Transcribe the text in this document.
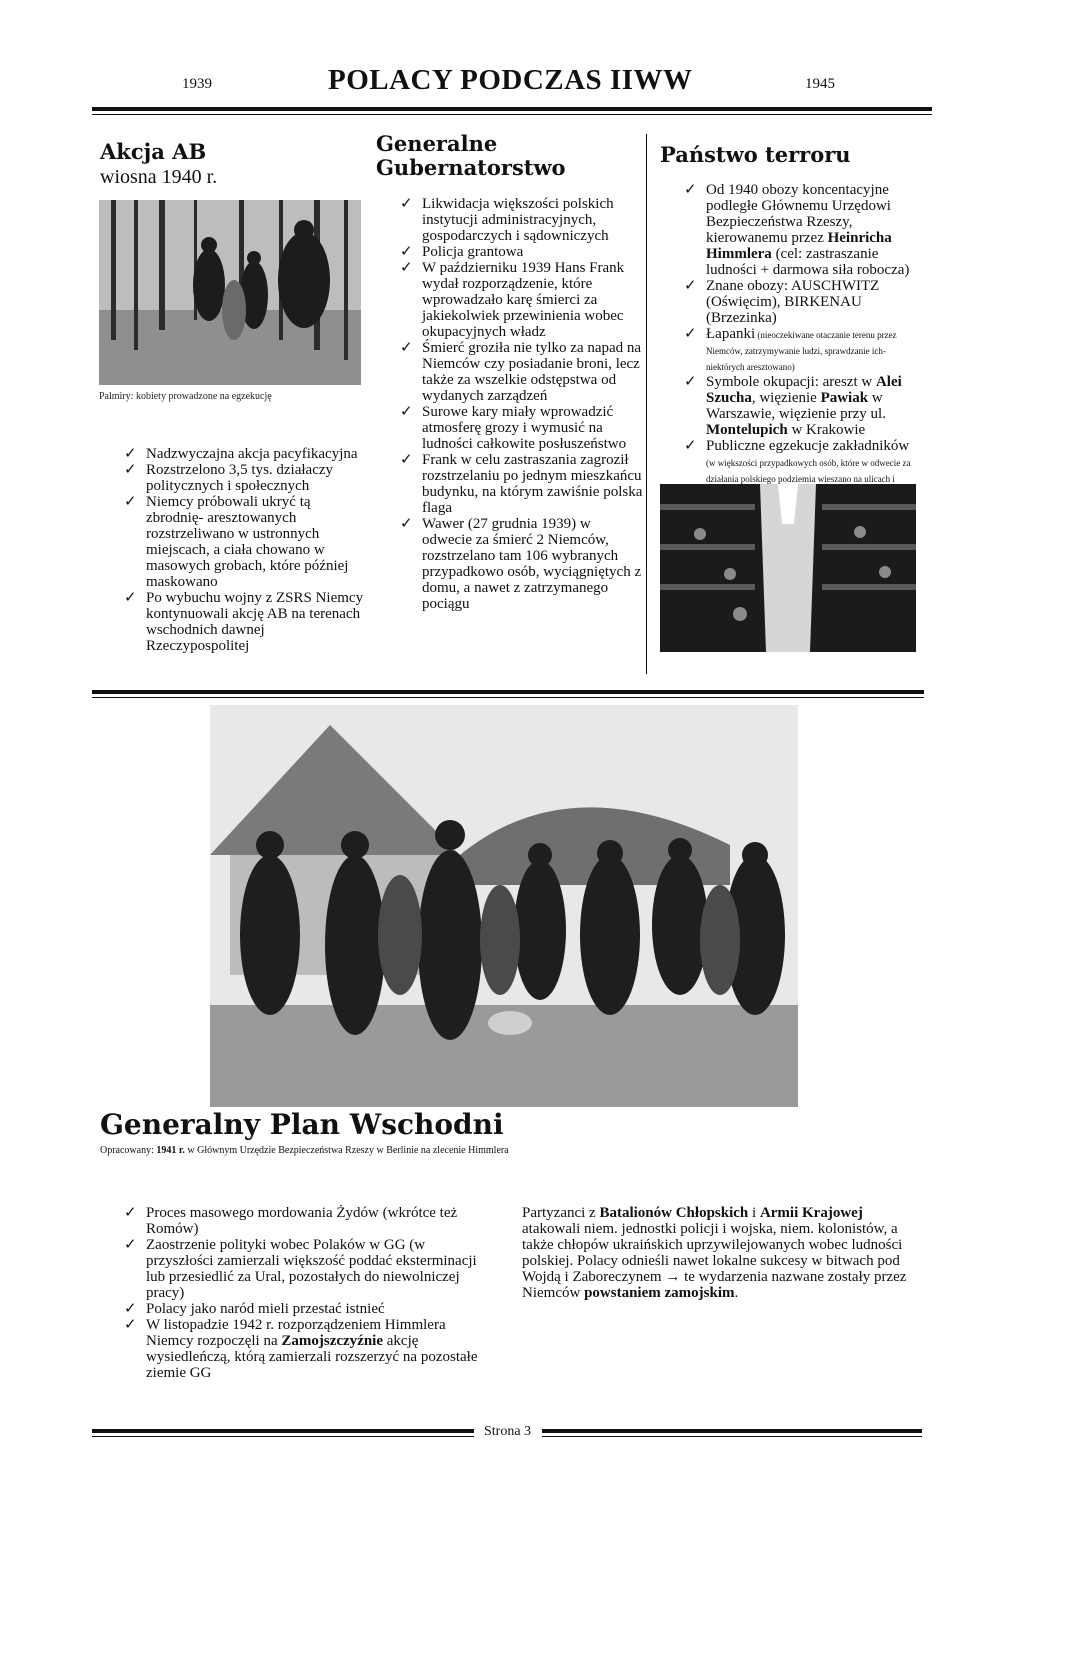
1939	POLACY PODCZAS IIWW	1945
Akcja AB
wiosna 1940 r.
Palmiry: kobiety prowadzone na egzekucję
✓ Nadzwyczajna akcja pacyfikacyjna
✓ Rozstrzelono 3,5 tys. działaczy politycznych i społecznych
✓ Niemcy próbowali ukryć tą zbrodnię- aresztowanych rozstrzeliwano w ustronnych miejscach, a ciała chowano w masowych grobach, które później maskowano
✓ Po wybuchu wojny z ZSRS Niemcy kontynuowali akcję AB na terenach wschodnich dawnej Rzeczypospolitej
Generalne
Gubernatorstwo
✓ Likwidacja większości polskich instytucji administracyjnych, gospodarczych i sądowniczych
✓ Policja grantowa
✓ W październiku 1939 Hans Frank wydał rozporządzenie, które wprowadzało karę śmierci za jakiekolwiek przewinienia wobec okupacyjnych władz
✓ Śmierć groziła nie tylko za napad na Niemców czy posiadanie broni, lecz także za wszelkie odstępstwa od wydanych zarządzeń
✓ Surowe kary miały wprowadzić atmosferę grozy i wymusić na ludności całkowite posłuszeństwo
✓ Frank w celu zastraszania zagroził rozstrzelaniu po jednym mieszkańcu budynku, na którym zawiśnie polska flaga
✓ Wawer (27 grudnia 1939) w odwecie za śmierć 2 Niemców, rozstrzelano tam 106 wybranych przypadkowo osób, wyciągniętych z domu, a nawet z zatrzymanego pociągu
Państwo terroru
✓ Od 1940 obozy koncentacyjne podległe Głównemu Urzędowi Bezpieczeństwa Rzeszy, kierowanemu przez Heinricha Himmlera (cel: zastraszanie ludności + darmowa siła robocza)
✓ Znane obozy: AUSCHWITZ (Oświęcim), BIRKENAU (Brzezinka)
✓ Łapanki (nieoczekiwane otaczanie terenu przez Niemców, zatrzymywanie ludzi, sprawdzanie ich- niektórych aresztowano)
✓ Symbole okupacji: areszt w Alei Szucha, więzienie Pawiak w Warszawie, więzienie przy ul. Montelupich w Krakowie
✓ Publiczne egzekucje zakładników (w większości przypadkowych osób, które w odwecie za działania polskiego podziemia wieszano na ulicach i
Generalny Plan Wschodni
Opracowany: 1941 r. w Głównym Urzędzie Bezpieczeństwa Rzeszy w Berlinie na zlecenie Himmlera
✓ Proces masowego mordowania Żydów (wkrótce też Romów)
✓ Zaostrzenie polityki wobec Polaków w GG (w przyszłości zamierzali większość poddać eksterminacji lub przesiedlić za Ural, pozostałych do niewolniczej pracy)
✓ Polacy jako naród mieli przestać istnieć
✓ W listopadzie 1942 r. rozporządzeniem Himmlera Niemcy rozpoczęli na Zamojszczyźnie akcję wysiedleńczą, którą zamierzali rozszerzyć na pozostałe ziemie GG
Partyzanci z Batalionów Chłopskich i Armii Krajowej atakowali niem. jednostki policji i wojska, niem. kolonistów, a także chłopów ukraińskich uprzywilejowanych wobec ludności polskiej. Polacy odnieśli nawet lokalne sukcesy w bitwach pod Wojdą i Zaboreczynem → te wydarzenia nazwane zostały przez Niemców powstaniem zamojskim.
Strona 3
